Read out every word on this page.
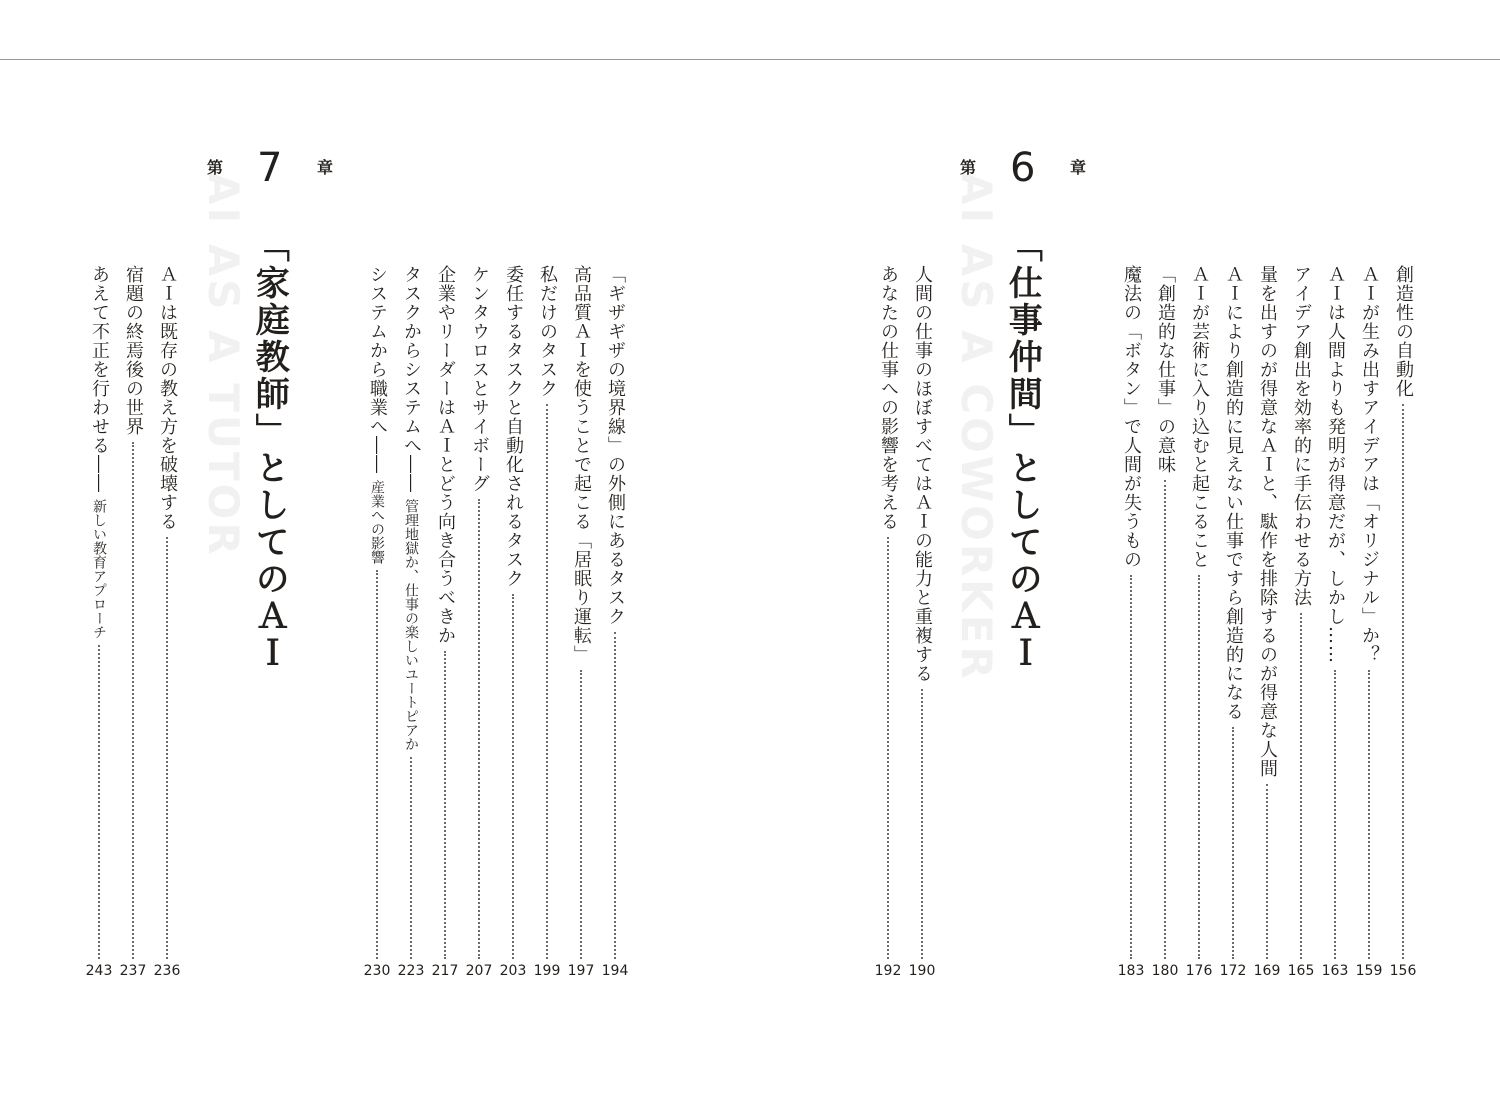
AI AS A COWORKER
第 6 章
「仕事仲間」としてのＡＩ	創造性の自動化
156
ＡＩが生み出すアイデアは「オリジナル」か？
159
ＡＩは人間よりも発明が得意だが、しかし……
163
アイデア創出を効率的に手伝わせる方法
165
量を出すのが得意なＡＩと、駄作を排除するのが得意な人間
169
ＡＩにより創造的に見えない仕事ですら創造的になる
172
ＡＩが芸術に入り込むと起こること
176
「創造的な仕事」の意味
180
魔法の「ボタン」で人間が失うもの
183
人間の仕事のほぼすべてはＡＩの能力と重複する
190
あなたの仕事への影響を考える
192
「ギザギザの境界線」の外側にあるタスク
194
高品質ＡＩを使うことで起こる「居眠り運転」
197
私だけのタスク
199
委任するタスクと自動化されるタスク
203
ケンタウロスとサイボーグ
207
企業やリーダーはＡＩとどう向き合うべきか
217
タスクからシステムへ――
管理地獄か、仕事の楽しいユートピアか
223
システムから職業へ――
産業への影響
230
AI AS A TUTOR
第 7 章
「家庭教師」としてのＡＩ
ＡＩは既存の教え方を破壊する
236
宿題の終焉後の世界
237
あえて不正を行わせる――
新しい教育アプローチ
243
